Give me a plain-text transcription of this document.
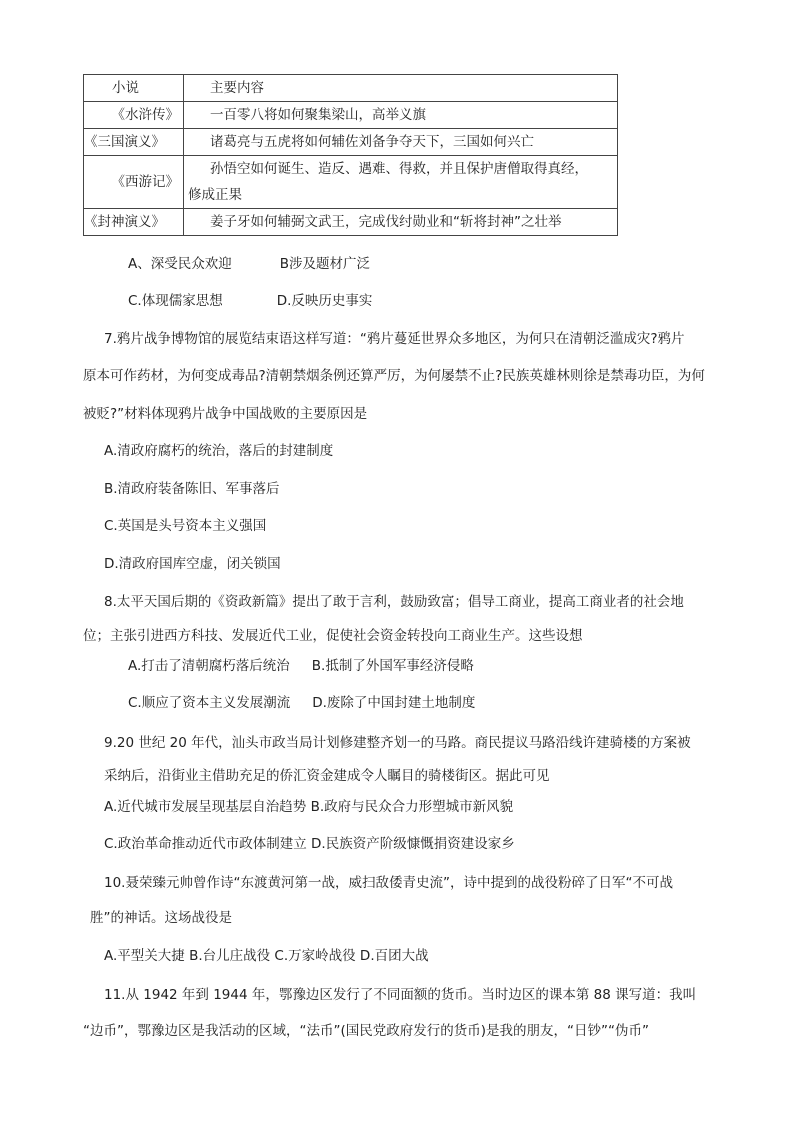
小说	主要内容
《水浒传》	一百零八将如何聚集梁山，高举义旗
《三国演义》	诸葛亮与五虎将如何辅佐刘备争夺天下，三国如何兴亡
《西游记》	孙悟空如何诞生、造反、遇难、得救，并且保护唐僧取得真经，
修成正果

《封神演义》	姜子牙如何辅弼文武王，完成伐纣勋业和“斩将封神”之壮举
A、深受民众欢迎	B涉及题材广泛
C.体现儒家思想	D.反映历史事实
7.鸦片战争博物馆的展览结束语这样写道：“鸦片蔓延世界众多地区，为何只在清朝泛滥成灾?鸦片
原本可作药材，为何变成毒品?清朝禁烟条例还算严厉，为何屡禁不止?民族英雄林则徐是禁毒功臣，为何
被贬?”材料体现鸦片战争中国战败的主要原因是
A.清政府腐朽的统治，落后的封建制度
B.清政府装备陈旧、军事落后
C.英国是头号资本主义强国
D.清政府国库空虚，闭关锁国
8.太平天国后期的《资政新篇》提出了敢于言利，鼓励致富；倡导工商业，提高工商业者的社会地
位；主张引进西方科技、发展近代工业，促使社会资金转投向工商业生产。这些设想
A.打击了清朝腐朽落后统治 B.抵制了外国军事经济侵略
C.顺应了资本主义发展潮流 D.废除了中国封建土地制度
9.20 世纪 20 年代，汕头市政当局计划修建整齐划一的马路。商民提议马路沿线许建骑楼的方案被
采纳后，沿街业主借助充足的侨汇资金建成令人瞩目的骑楼街区。据此可见
A.近代城市发展呈现基层自治趋势 B.政府与民众合力形塑城市新风貌
C.政治革命推动近代市政体制建立 D.民族资产阶级慷慨捐资建设家乡
10.聂荣臻元帅曾作诗“东渡黄河第一战，威扫敌倭青史流”，诗中提到的战役粉碎了日军“不可战
胜”的神话。这场战役是
A.平型关大捷 B.台儿庄战役 C.万家岭战役 D.百团大战
11.从 1942 年到 1944 年，鄂豫边区发行了不同面额的货币。当时边区的课本第 88 课写道：我叫
“边币”，鄂豫边区是我活动的区域，“法币”(国民党政府发行的货币)是我的朋友，“日钞”“伪币”
